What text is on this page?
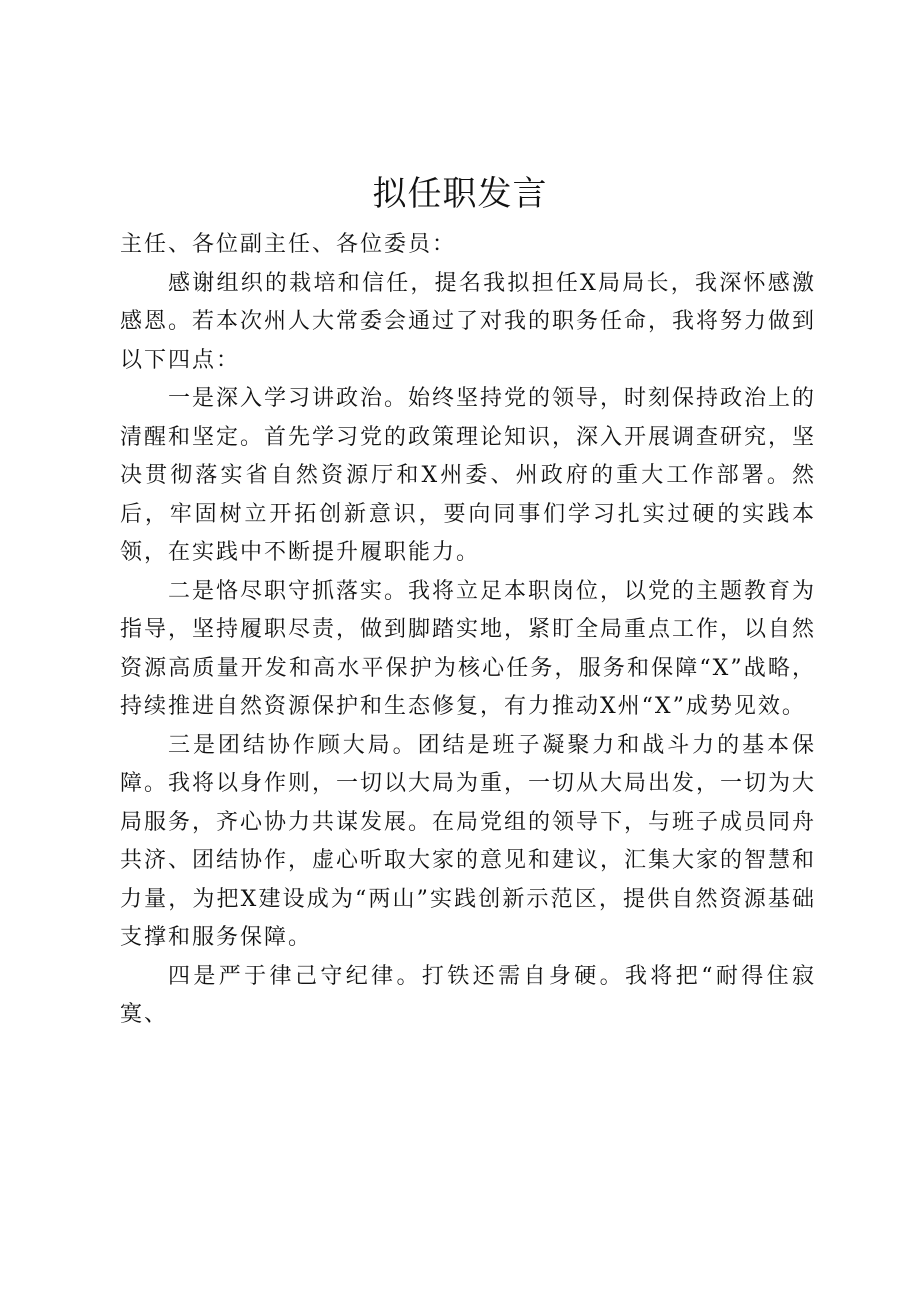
拟任职发言

主任、各位副主任、各位委员：

感谢组织的栽培和信任，提名我拟担任X局局长，我深怀感激感恩。若本次州人大常委会通过了对我的职务任命，我将努力做到以下四点：

一是深入学习讲政治。始终坚持党的领导，时刻保持政治上的清醒和坚定。首先学习党的政策理论知识，深入开展调查研究，坚决贯彻落实省自然资源厅和X州委、州政府的重大工作部署。然后，牢固树立开拓创新意识，要向同事们学习扎实过硬的实践本领，在实践中不断提升履职能力。

二是恪尽职守抓落实。我将立足本职岗位，以党的主题教育为指导，坚持履职尽责，做到脚踏实地，紧盯全局重点工作，以自然资源高质量开发和高水平保护为核心任务，服务和保障“X”战略，持续推进自然资源保护和生态修复，有力推动X州“X”成势见效。

三是团结协作顾大局。团结是班子凝聚力和战斗力的基本保障。我将以身作则，一切以大局为重，一切从大局出发，一切为大局服务，齐心协力共谋发展。在局党组的领导下，与班子成员同舟共济、团结协作，虚心听取大家的意见和建议，汇集大家的智慧和力量，为把X建设成为“两山”实践创新示范区，提供自然资源基础支撑和服务保障。

四是严于律己守纪律。打铁还需自身硬。我将把“耐得住寂寞、
